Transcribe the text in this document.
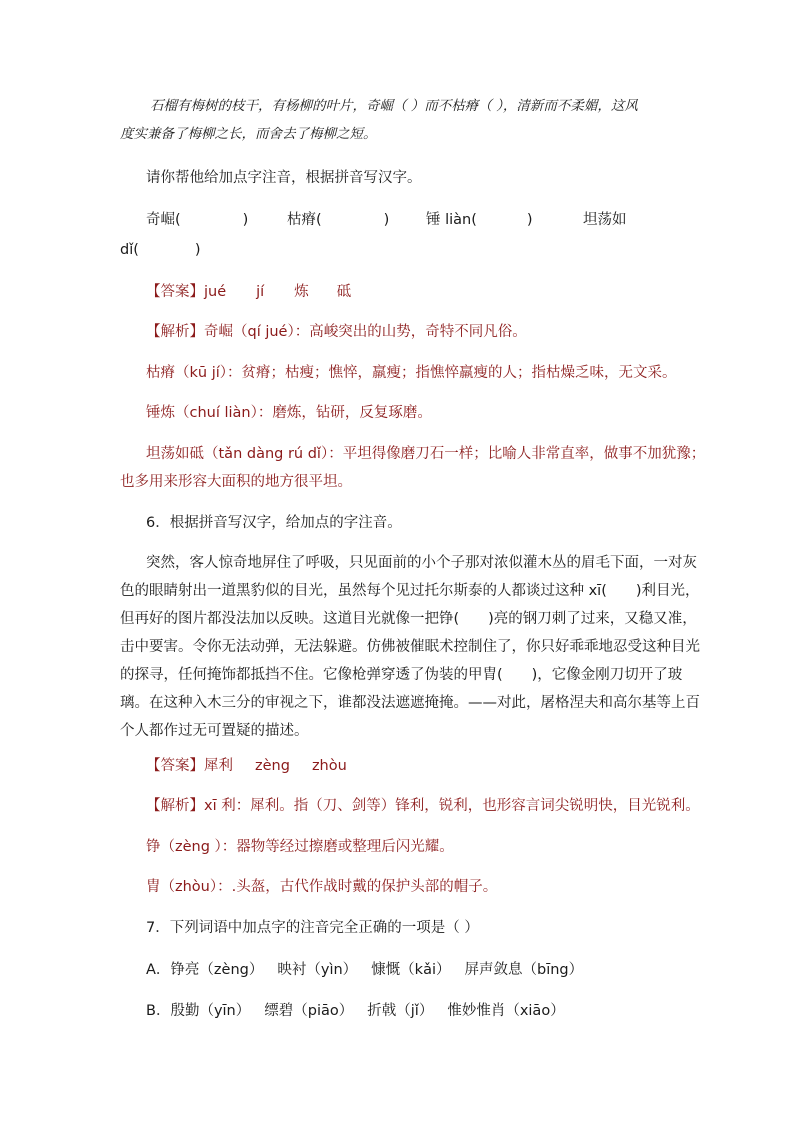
石榴有梅树的枝干，有杨柳的叶片，奇崛（ ）而不枯瘠（ ），清新而不柔媚，这风
度实兼备了梅柳之长，而舍去了梅柳之短。
请你帮他给加点字注音，根据拼音写汉字。
奇崛(	)	枯瘠(	)	锤 liàn(	)	坦荡如
dǐ(	)
【答案】jué jí 炼 砥
【解析】奇崛（qí jué）：高峻突出的山势，奇特不同凡俗。
枯瘠（kū jí）：贫瘠；枯瘦；憔悴，羸瘦；指憔悴羸瘦的人；指枯燥乏味，无文采。
锤炼（chuí liàn）：磨炼，钻研，反复琢磨。
坦荡如砥（tǎn dàng rú dǐ）：平坦得像磨刀石一样；比喻人非常直率，做事不加犹豫；
也多用来形容大面积的地方很平坦。
6．根据拼音写汉字，给加点的字注音。
突然，客人惊奇地屏住了呼吸，只见面前的小个子那对浓似灌木丛的眉毛下面，一对灰
色的眼睛射出一道黑豹似的目光，虽然每个见过托尔斯泰的人都谈过这种 xī(　　)利目光，
但再好的图片都没法加以反映。这道目光就像一把铮(　　)亮的钢刀刺了过来，又稳又准，
击中要害。令你无法动弹，无法躲避。仿佛被催眠术控制住了，你只好乖乖地忍受这种目光
的探寻，任何掩饰都抵挡不住。它像枪弹穿透了伪装的甲胄(　　)，它像金刚刀切开了玻
璃。在这种入木三分的审视之下，谁都没法遮遮掩掩。——对此，屠格涅夫和高尔基等上百
个人都作过无可置疑的描述。
【答案】犀利 zèng zhòu
【解析】xī 利：犀利。指（刀、剑等）锋利，锐利，也形容言词尖锐明快，目光锐利。
铮（zèng ）：器物等经过擦磨或整理后闪光耀。
胄（zhòu）：.头盔，古代作战时戴的保护头部的帽子。
7．下列词语中加点字的注音完全正确的一项是（ ）
A．铮亮（zèng） 映衬（yìn） 慷慨（kǎi） 屏声敛息（bīng）
B．殷勤（yīn） 缥碧（piāo） 折戟（jǐ） 惟妙惟肖（xiāo）
